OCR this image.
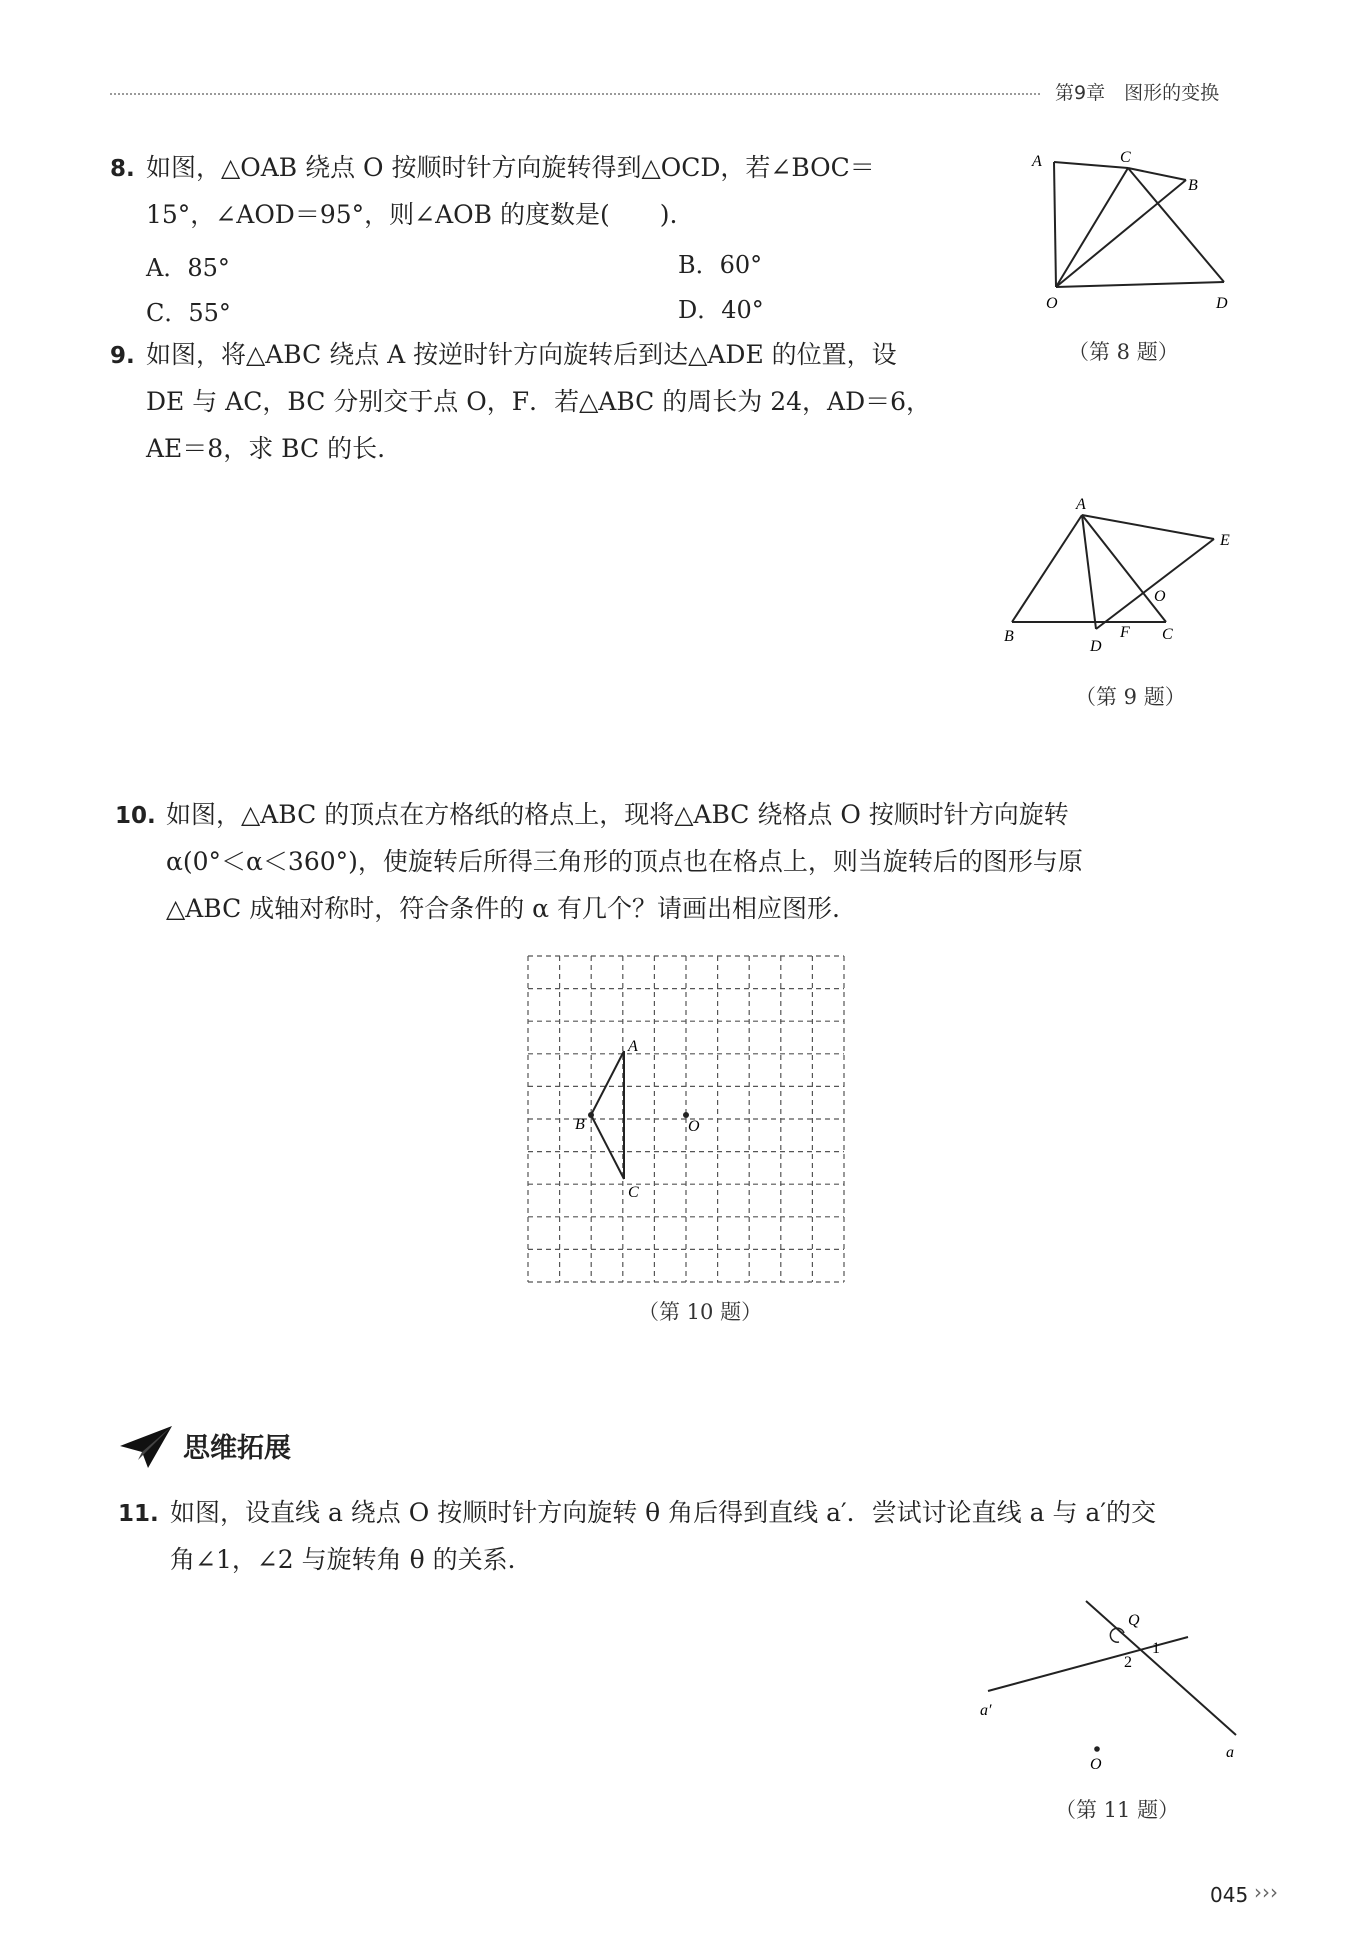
第9章　图形的变换
8. 如图，△OAB 绕点 O 按顺时针方向旋转得到△OCD，若∠BOC＝
15°，∠AOD＝95°，则∠AOB 的度数是(　　).
A．85°	B．60°
C．55°	D．40°
A	C
B
O	D
（第 8 题）
9. 如图，将△ABC 绕点 A 按逆时针方向旋转后到达△ADE 的位置，设
DE 与 AC，BC 分别交于点 O，F．若△ABC 的周长为 24，AD＝6，
AE＝8，求 BC 的长.
A
E
O
B	F C
D
（第 9 题）
10. 如图，△ABC 的顶点在方格纸的格点上，现将△ABC 绕格点 O 按顺时针方向旋转
α(0°＜α＜360°)，使旋转后所得三角形的顶点也在格点上，则当旋转后的图形与原
△ABC 成轴对称时，符合条件的 α 有几个？请画出相应图形.
A
B
C
O
（第 10 题）
思维拓展
11. 如图，设直线 a 绕点 O 按顺时针方向旋转 θ 角后得到直线 a′．尝试讨论直线 a 与 a′的交
角∠1，∠2 与旋转角 θ 的关系．
Q
1
2
a′
a
O
（第 11 题）
045 ›››
